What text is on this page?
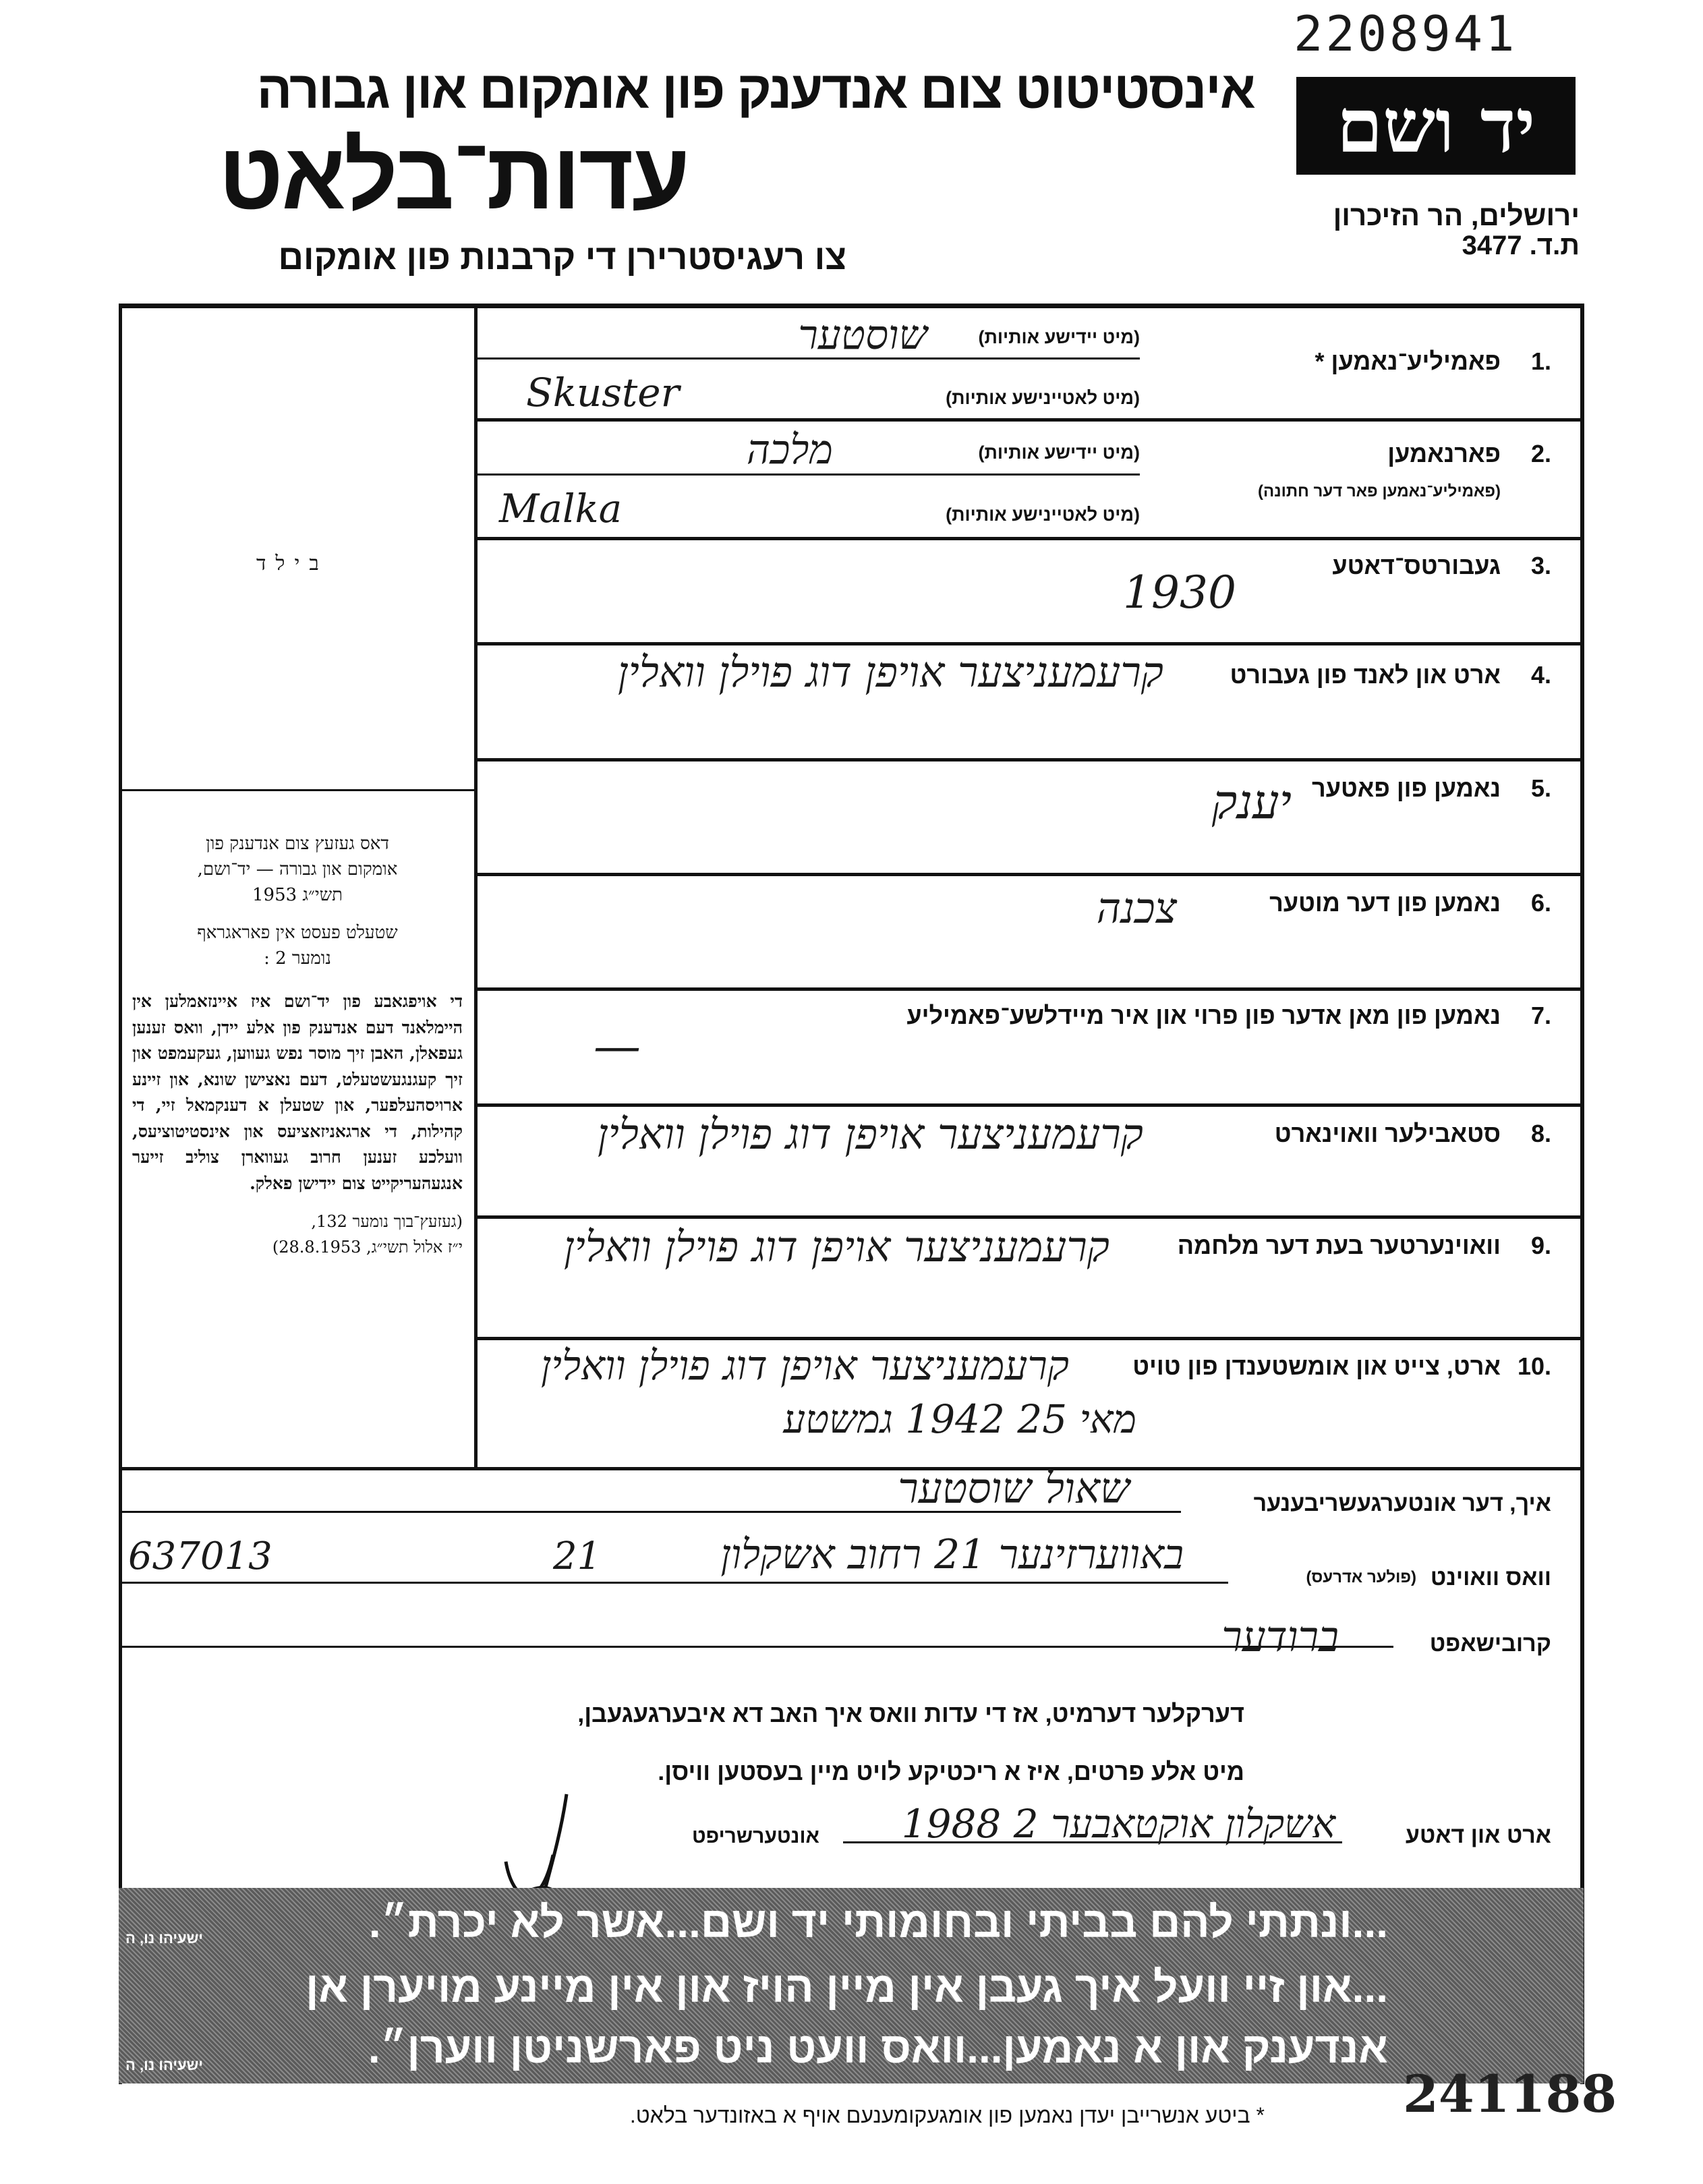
2208941
אינסטיטוט צום אנדענק פון אומקום און גבורה
עדות־בלאט
צו רעגיסטרירן די קרבנות פון אומקום
יד ושם
ירושלים, הר הזיכרון
ת.ד. 3477
בילד

דאס געזעץ צום אנדענק פון

אומקום און גבורה — יד־ושם,

תשי״ג 1953

שטעלט פעסט אין פאראגראף

נומער 2 :

די אויפגאבע פון יד־ושם איז איינזאמלען אין היימלאנד דעם אנדענק פון אלע יידן, וואס זענען געפאלן, האבן זיך מוסר נפש געווען, געקעמפט און זיך קעגנגעשטעלט, דעם נאצישן שונא, און זיינע ארויסהעלפער, און שטעלן א דענקמאל זיי, די קהילות, די ארגאניזאציעס און אינסטיטוציעס, וועלכע זענען חרוב געווארן צוליב זייער אנגעהעריקייט צום יידישן פאלק.

(געזעץ־בוך נומער 132,

י״ז אלול תשי״ג, 28.8.1953)

1.
פאמיליע־נאמען *
(מיט יידישע אותיות)
שוסטער
(מיט לאטיינישע אותיות)
Skuster
2.
פארנאמען
(פאמיליע־נאמען פאר דער חתונה)
(מיט יידישע אותיות)
מלכה
(מיט לאטיינישע אותיות)
Malka
3.
געבורטס־דאטע
1930
4.
ארט און לאנד פון געבורט
קרעמעניצער אויפן דוג פוילן וואלין
5.
נאמען פון פאטער
יענק
6.
נאמען פון דער מוטער
צכנה
7.
נאמען פון מאן אדער פון פרוי און איר מיידלשע־פאמיליע
—
8.
סטאבילער וואוינארט
קרעמעניצער אויפן דוג פוילן וואלין
9.
וואוינערטער בעת דער מלחמה
קרעמעניצער אויפן דוג פוילן וואלין
10.
ארט, צייט און אומשטענדן פון טויט
קרעמעניצער אויפן דוג פוילן וואלין
מאי 25 1942 גמשטע
איך, דער אונטערגעשריבענער
שאול שוסטער
וואס וואוינט
(פולער אדרעס)
באווערזינער 21 רחוב אשקלון
21
637013
קרובישאפט
ברודער
דערקלער דערמיט, אז די עדות וואס איך האב דא איבערגעגעבן,
מיט אלע פרטים, איז א ריכטיקע לויט מיין בעסטען וויסן.
ארט און דאטע
אשקלון אוקטאבער 2 1988
אונטערשריפט
...ונתתי להם בביתי ובחומותי יד ושם...אשר לא יכרת״.
ישעיהו נו, ה
...און זיי וועל איך געבן אין מיין הויז און אין מיינע מויערן אן
אנדענק און א נאמען...וואס וועט ניט פארשניטן ווערן״.
ישעיהו נו, ה
* ביטע אנשרייבן יעדן נאמען פון אומגעקומענעם אויף א באזונדער בלאט.	241188
